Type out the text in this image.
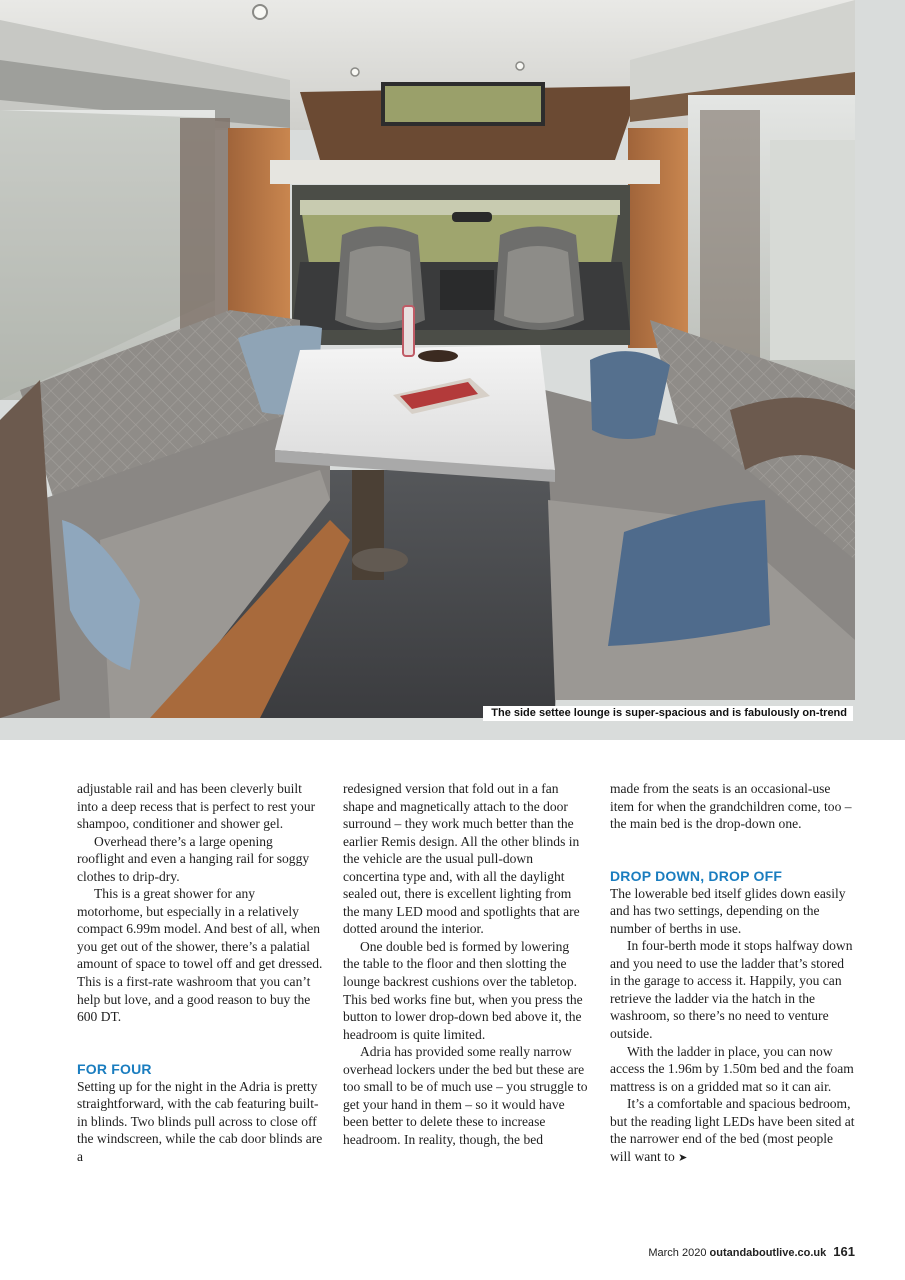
The side settee lounge is super-spacious and is fabulously on-trend

adjustable rail and has been cleverly built into a deep recess that is perfect to rest your shampoo, conditioner and shower gel.

Overhead there’s a large opening rooflight and even a hanging rail for soggy clothes to drip-dry.

This is a great shower for any motorhome, but especially in a relatively compact 6.99m model. And best of all, when you get out of the shower, there’s a palatial amount of space to towel off and get dressed. This is a first-rate washroom that you can’t help but love, and a good reason to buy the 600 DT.

FOR FOUR

Setting up for the night in the Adria is pretty straightforward, with the cab featuring built-in blinds. Two blinds pull across to close off the windscreen, while the cab door blinds are a

redesigned version that fold out in a fan shape and magnetically attach to the door surround – they work much better than the earlier Remis design. All the other blinds in the vehicle are the usual pull-down concertina type and, with all the daylight sealed out, there is excellent lighting from the many LED mood and spotlights that are dotted around the interior.

One double bed is formed by lowering the table to the floor and then slotting the lounge backrest cushions over the tabletop. This bed works fine but, when you press the button to lower drop-down bed above it, the headroom is quite limited.

Adria has provided some really narrow overhead lockers under the bed but these are too small to be of much use – you struggle to get your hand in them – so it would have been better to delete these to increase headroom. In reality, though, the bed

made from the seats is an occasional-use item for when the grandchildren come, too – the main bed is the drop-down one.

DROP DOWN, DROP OFF

The lowerable bed itself glides down easily and has two settings, depending on the number of berths in use.

In four-berth mode it stops halfway down and you need to use the ladder that’s stored in the garage to access it. Happily, you can retrieve the ladder via the hatch in the washroom, so there’s no need to venture outside.

With the ladder in place, you can now access the 1.96m by 1.50m bed and the foam mattress is on a gridded mat so it can air.

It’s a comfortable and spacious bedroom, but the reading light LEDs have been sited at the narrower end of the bed (most people will want to ➤

March 2020 outandaboutlive.co.uk 161
